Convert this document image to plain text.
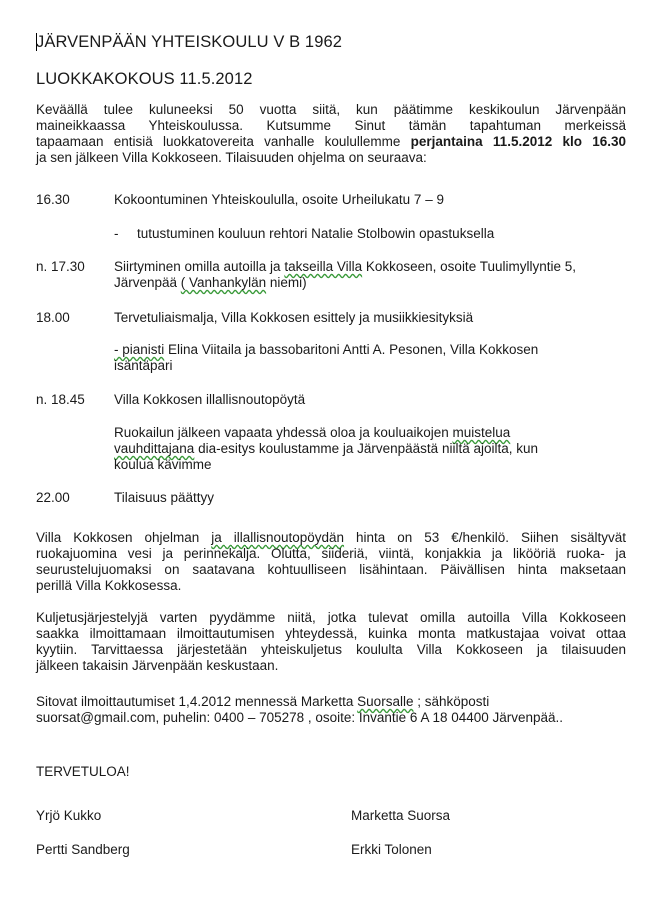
JÄRVENPÄÄN YHTEISKOULU V B 1962
LUOKKAKOKOUS 11.5.2012
Keväällä tulee kuluneeksi 50 vuotta siitä, kun päätimme keskikoulun Järvenpään
maineikkaassa Yhteiskoulussa. Kutsumme Sinut tämän tapahtuman merkeissä
tapaamaan entisiä luokkatovereita vanhalle koulullemme perjantaina 11.5.2012 klo 16.30
ja sen jälkeen Villa Kokkoseen. Tilaisuuden ohjelma on seuraava:
16.30	Kokoontuminen Yhteiskoululla, osoite Urheilukatu 7 – 9
- tutustuminen kouluun rehtori Natalie Stolbowin opastuksella
n. 17.30 Siirtyminen omilla autoilla ja takseilla Villa Kokkoseen, osoite Tuulimyllyntie 5,
Järvenpää ( Vanhankylän niemi)
18.00	Tervetuliaismalja, Villa Kokkosen esittely ja musiikkiesityksiä
- pianisti Elina Viitaila ja bassobaritoni Antti A. Pesonen, Villa Kokkosen
isäntäpari
n. 18.45 Villa Kokkosen illallisnoutopöytä
Ruokailun jälkeen vapaata yhdessä oloa ja kouluaikojen muistelua
vauhdittajana dia-esitys koulustamme ja Järvenpäästä niiltä ajoilta, kun
koulua kävimme
22.00	Tilaisuus päättyy
Villa Kokkosen ohjelman ja illallisnoutopöydän hinta on 53 €/henkilö. Siihen sisältyvät
ruokajuomina vesi ja perinnekalja. Olutta, siideriä, viintä, konjakkia ja likööriä ruoka- ja
seurustelujuomaksi on saatavana kohtuulliseen lisähintaan. Päivällisen hinta maksetaan
perillä Villa Kokkosessa.
Kuljetusjärjestelyjä varten pyydämme niitä, jotka tulevat omilla autoilla Villa Kokkoseen
saakka ilmoittamaan ilmoittautumisen yhteydessä, kuinka monta matkustajaa voivat ottaa
kyytiin. Tarvittaessa järjestetään yhteiskuljetus koululta Villa Kokkoseen ja tilaisuuden
jälkeen takaisin Järvenpään keskustaan.
Sitovat ilmoittautumiset 1,4.2012 mennessä Marketta Suorsalle ; sähköposti
suorsat@gmail.com, puhelin: 0400 – 705278 , osoite: Invantie 6 A 18 04400 Järvenpää..
TERVETULOA!
Yrjö Kukko	Marketta Suorsa
Pertti Sandberg	Erkki Tolonen
